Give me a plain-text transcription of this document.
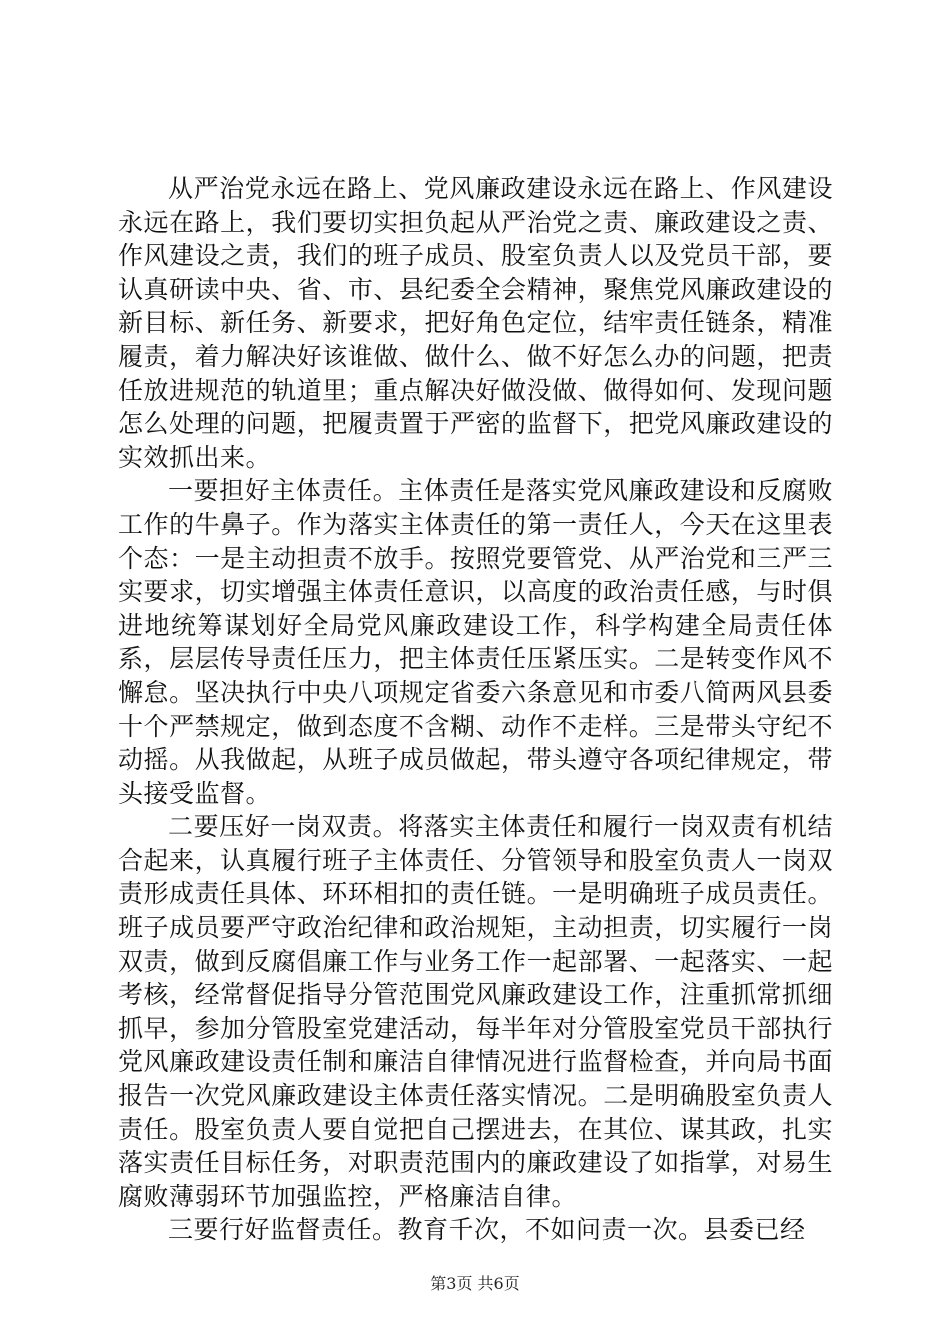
从严治党永远在路上、党风廉政建设永远在路上、作风建设永远在路上，我们要切实担负起从严治党之责、廉政建设之责、作风建设之责，我们的班子成员、股室负责人以及党员干部，要认真研读中央、省、市、县纪委全会精神，聚焦党风廉政建设的新目标、新任务、新要求，把好角色定位，结牢责任链条，精准履责，着力解决好该谁做、做什么、做不好怎么办的问题，把责任放进规范的轨道里；重点解决好做没做、做得如何、发现问题怎么处理的问题，把履责置于严密的监督下，把党风廉政建设的实效抓出来。

一要担好主体责任。主体责任是落实党风廉政建设和反腐败工作的牛鼻子。作为落实主体责任的第一责任人，今天在这里表个态：一是主动担责不放手。按照党要管党、从严治党和三严三实要求，切实增强主体责任意识，以高度的政治责任感，与时俱进地统筹谋划好全局党风廉政建设工作，科学构建全局责任体系，层层传导责任压力，把主体责任压紧压实。二是转变作风不懈怠。坚决执行中央八项规定省委六条意见和市委八简两风县委十个严禁规定，做到态度不含糊、动作不走样。三是带头守纪不动摇。从我做起，从班子成员做起，带头遵守各项纪律规定，带头接受监督。

二要压好一岗双责。将落实主体责任和履行一岗双责有机结合起来，认真履行班子主体责任、分管领导和股室负责人一岗双责形成责任具体、环环相扣的责任链。一是明确班子成员责任。班子成员要严守政治纪律和政治规矩，主动担责，切实履行一岗双责，做到反腐倡廉工作与业务工作一起部署、一起落实、一起考核，经常督促指导分管范围党风廉政建设工作，注重抓常抓细抓早，参加分管股室党建活动，每半年对分管股室党员干部执行党风廉政建设责任制和廉洁自律情况进行监督检查，并向局书面报告一次党风廉政建设主体责任落实情况。二是明确股室负责人责任。股室负责人要自觉把自己摆进去，在其位、谋其政，扎实落实责任目标任务，对职责范围内的廉政建设了如指掌，对易生腐败薄弱环节加强监控，严格廉洁自律。

三要行好监督责任。教育千次，不如问责一次。县委已经

第3页 共6页
